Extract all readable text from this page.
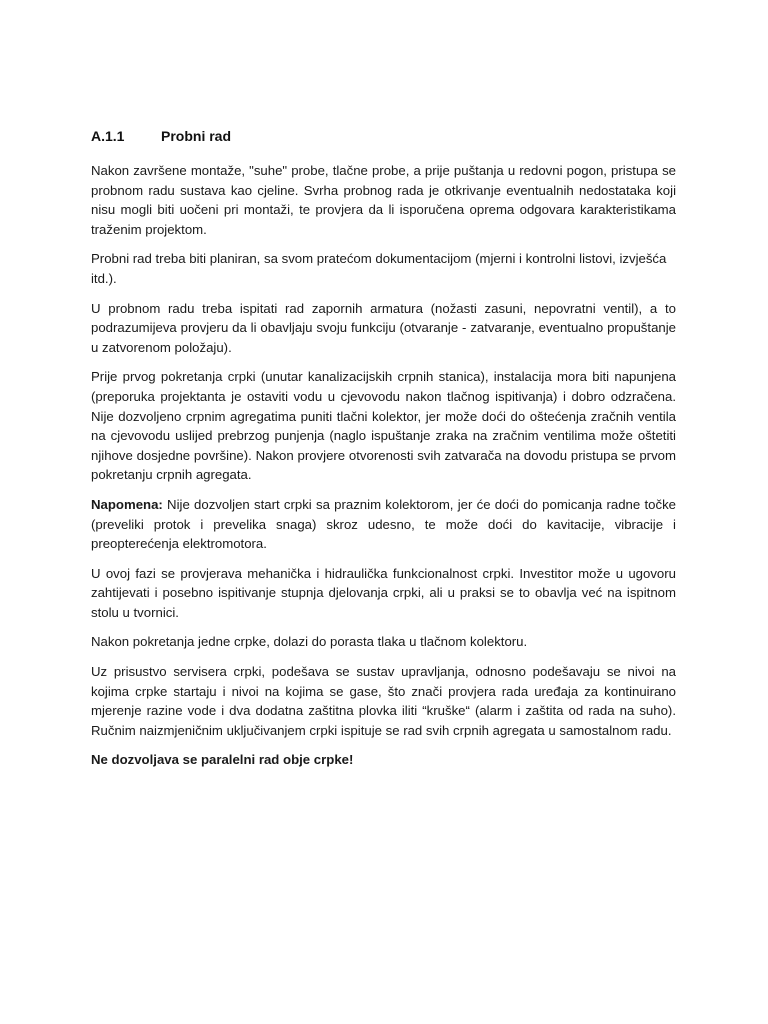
A.1.1	Probni rad

Nakon završene montaže, "suhe" probe, tlačne probe, a prije puštanja u redovni pogon, pristupa se probnom radu sustava kao cjeline. Svrha probnog rada je otkrivanje eventualnih nedostataka koji nisu mogli biti uočeni pri montaži, te provjera da li isporučena oprema odgovara karakteristikama traženim projektom.

Probni rad treba biti planiran, sa svom pratećom dokumentacijom (mjerni i kontrolni listovi, izvješća itd.).

U probnom radu treba ispitati rad zapornih armatura (nožasti zasuni, nepovratni ventil), a to podrazumijeva provjeru da li obavljaju svoju funkciju (otvaranje - zatvaranje, eventualno propuštanje u zatvorenom položaju).

Prije prvog pokretanja crpki (unutar kanalizacijskih crpnih stanica), instalacija mora biti napunjena (preporuka projektanta je ostaviti vodu u cjevovodu nakon tlačnog ispitivanja) i dobro odzračena. Nije dozvoljeno crpnim agregatima puniti tlačni kolektor, jer može doći do oštećenja zračnih ventila na cjevovodu uslijed prebrzog punjenja (naglo ispuštanje zraka na zračnim ventilima može oštetiti njihove dosjedne površine). Nakon provjere otvorenosti svih zatvarača na dovodu pristupa se prvom pokretanju crpnih agregata.

Napomena: Nije dozvoljen start crpki sa praznim kolektorom, jer će doći do pomicanja radne točke (preveliki protok i prevelika snaga) skroz udesno, te može doći do kavitacije, vibracije i preopterećenja elektromotora.

U ovoj fazi se provjerava mehanička i hidraulička funkcionalnost crpki. Investitor može u ugovoru zahtijevati i posebno ispitivanje stupnja djelovanja crpki, ali u praksi se to obavlja već na ispitnom stolu u tvornici.

Nakon pokretanja jedne crpke, dolazi do porasta tlaka u tlačnom kolektoru.

Uz prisustvo servisera crpki, podešava se sustav upravljanja, odnosno podešavaju se nivoi na kojima crpke startaju i nivoi na kojima se gase, što znači provjera rada uređaja za kontinuirano mjerenje razine vode i dva dodatna zaštitna plovka iliti “kruške“ (alarm i zaštita od rada na suho). Ručnim naizmjeničnim uključivanjem crpki ispituje se rad svih crpnih agregata u samostalnom radu.

Ne dozvoljava se paralelni rad obje crpke!
